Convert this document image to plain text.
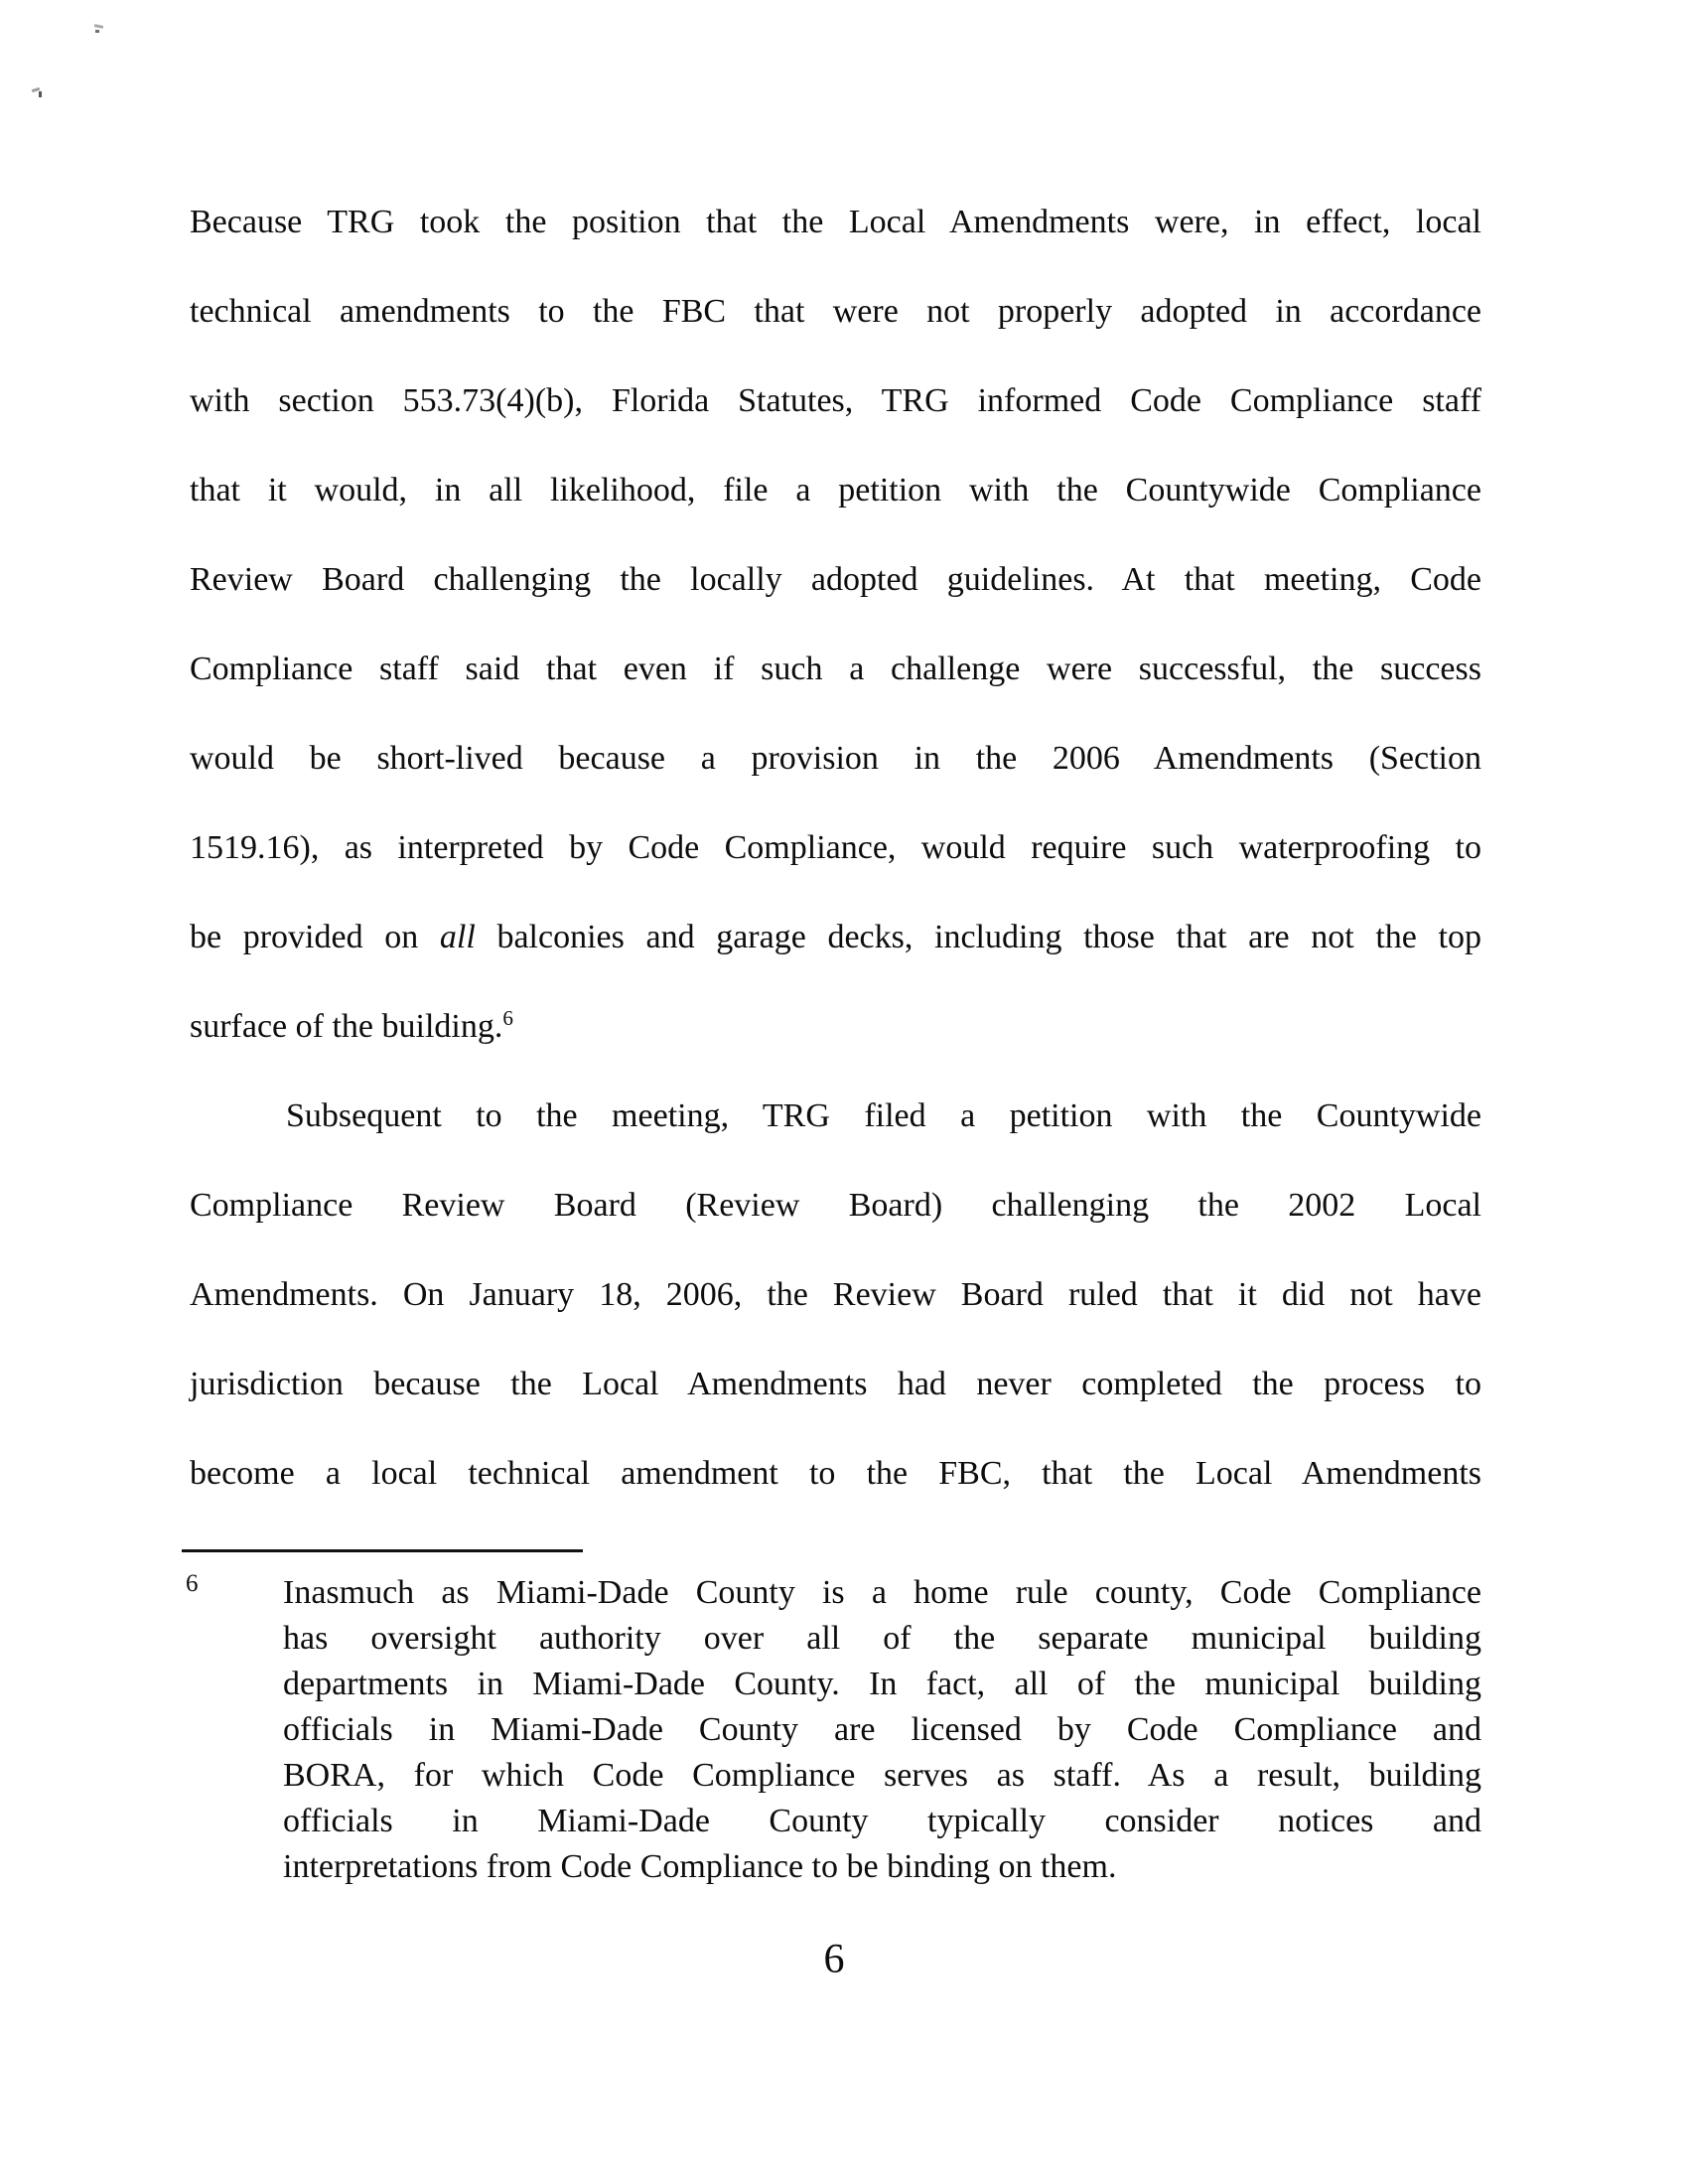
Because TRG took the position that the Local Amendments were, in effect, local
technical amendments to the FBC that were not properly adopted in accordance
with section 553.73(4)(b), Florida Statutes, TRG informed Code Compliance staff
that it would, in all likelihood, file a petition with the Countywide Compliance
Review Board challenging the locally adopted guidelines. At that meeting, Code
Compliance staff said that even if such a challenge were successful, the success
would be short-lived because a provision in the 2006 Amendments (Section
1519.16), as interpreted by Code Compliance, would require such waterproofing to
be provided on all balconies and garage decks, including those that are not the top
surface of the building.$^6$
Subsequent to the meeting, TRG filed a petition with the Countywide
Compliance Review Board (Review Board) challenging the 2002 Local
Amendments. On January 18, 2006, the Review Board ruled that it did not have
jurisdiction because the Local Amendments had never completed the process to
become a local technical amendment to the FBC, that the Local Amendments
6	Inasmuch as Miami-Dade County is a home rule county, Code Compliance
has oversight authority over all of the separate municipal building
departments in Miami-Dade County. In fact, all of the municipal building
officials in Miami-Dade County are licensed by Code Compliance and
BORA, for which Code Compliance serves as staff. As a result, building
officials in Miami-Dade County typically consider notices and
interpretations from Code Compliance to be binding on them.
6
